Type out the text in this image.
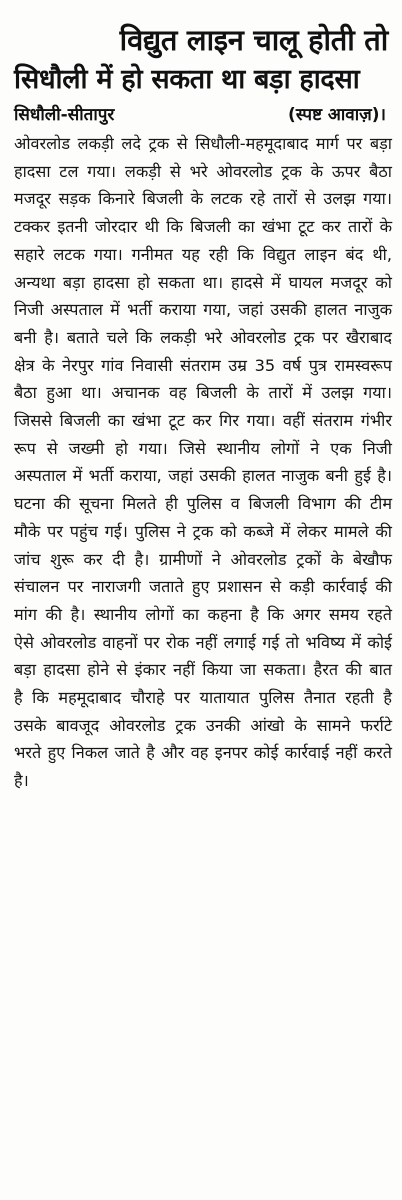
विद्युत लाइन चालू होती तो
सिधौली में हो सकता था बड़ा हादसा
सिधौली-सीतापुर	(स्पष्ट आवाज़)।

ओवरलोड लकड़ी लदे ट्रक से सिधौली-महमूदाबाद मार्ग पर बड़ा हादसा टल गया। लकड़ी से भरे ओवरलोड ट्रक के ऊपर बैठा मजदूर सड़क किनारे बिजली के लटक रहे तारों से उलझ गया। टक्कर इतनी जोरदार थी कि बिजली का खंभा टूट कर तारों के सहारे लटक गया। गनीमत यह रही कि विद्युत लाइन बंद थी, अन्यथा बड़ा हादसा हो सकता था। हादसे में घायल मजदूर को निजी अस्पताल में भर्ती कराया गया, जहां उसकी हालत नाजुक बनी है। बताते चले कि लकड़ी भरे ओवरलोड ट्रक पर खैराबाद क्षेत्र के नेरपुर गांव निवासी संतराम उम्र 35 वर्ष पुत्र रामस्वरूप बैठा हुआ था। अचानक वह बिजली के तारों में उलझ गया। जिससे बिजली का खंभा टूट कर गिर गया। वहीं संतराम गंभीर रूप से जख्मी हो गया। जिसे स्थानीय लोगों ने एक निजी अस्पताल में भर्ती कराया, जहां उसकी हालत नाजुक बनी हुई है। घटना की सूचना मिलते ही पुलिस व बिजली विभाग की टीम मौके पर पहुंच गई। पुलिस ने ट्रक को कब्जे में लेकर मामले की जांच शुरू कर दी है। ग्रामीणों ने ओवरलोड ट्रकों के बेखौफ संचालन पर नाराजगी जताते हुए प्रशासन से कड़ी कार्रवाई की मांग की है। स्थानीय लोगों का कहना है कि अगर समय रहते ऐसे ओवरलोड वाहनों पर रोक नहीं लगाई गई तो भविष्य में कोई बड़ा हादसा होने से इंकार नहीं किया जा सकता। हैरत की बात है कि महमूदाबाद चौराहे पर यातायात पुलिस तैनात रहती है उसके बावजूद ओवरलोड ट्रक उनकी आंखो के सामने फर्राटे भरते हुए निकल जाते है और वह इनपर कोई कार्रवाई नहीं करते है।
